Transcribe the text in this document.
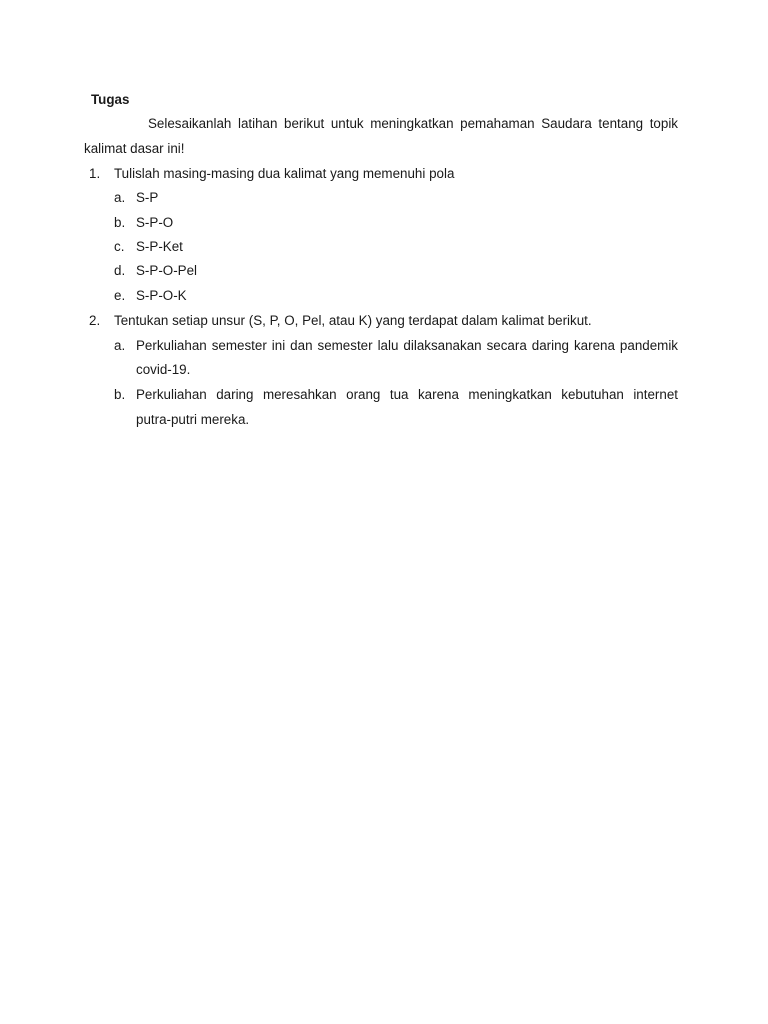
Tugas
Selesaikanlah latihan berikut untuk meningkatkan pemahaman Saudara tentang topik
kalimat dasar ini!
1. Tulislah masing-masing dua kalimat yang memenuhi pola
a. S-P
b. S-P-O
c. S-P-Ket
d. S-P-O-Pel
e. S-P-O-K
2. Tentukan setiap unsur (S, P, O, Pel, atau K) yang terdapat dalam kalimat berikut.
a. Perkuliahan semester ini dan semester lalu dilaksanakan secara daring karena pandemik
covid-19.
b. Perkuliahan daring meresahkan orang tua karena meningkatkan kebutuhan internet
putra-putri mereka.
